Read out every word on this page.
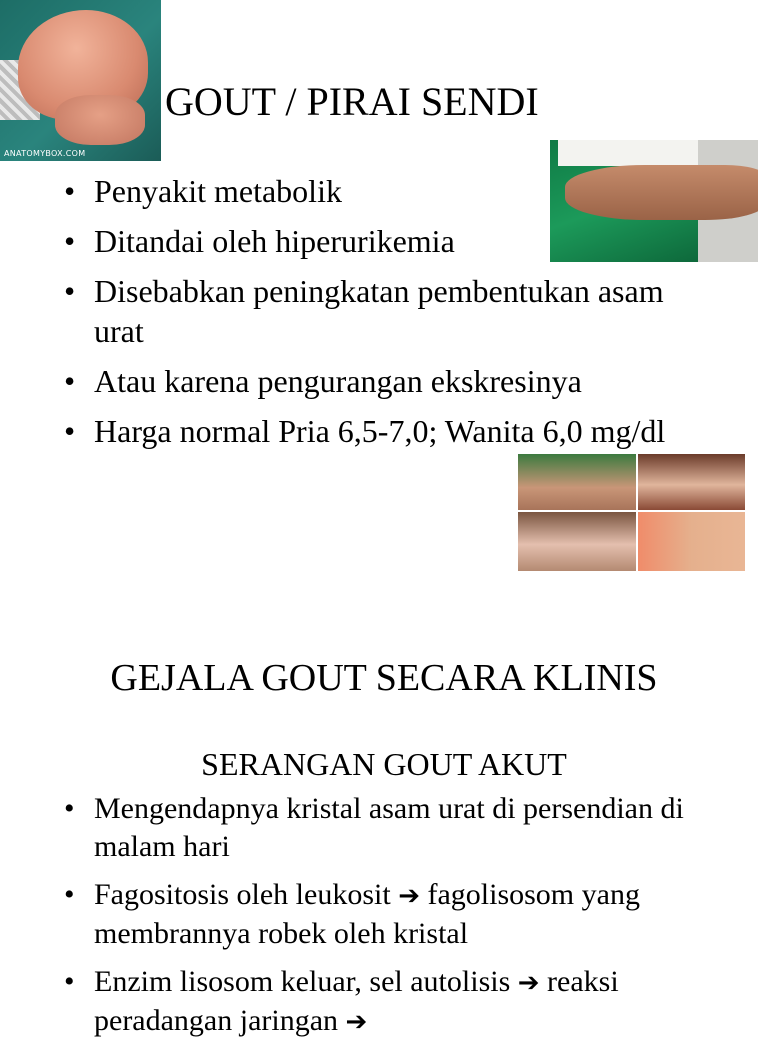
ANATOMYBOX.COM
GOUT / PIRAI SENDI
• Penyakit metabolik
• Ditandai oleh hiperurikemia
• Disebabkan peningkatan pembentukan asam urat
• Atau karena pengurangan ekskresinya
• Harga normal Pria 6,5-7,0; Wanita 6,0 mg/dl
GEJALA GOUT SECARA KLINIS
SERANGAN GOUT AKUT
• Mengendapnya kristal asam urat di persendian di malam hari
• Fagositosis oleh leukosit ➔ fagolisosom yang membrannya robek oleh kristal
• Enzim lisosom keluar, sel autolisis ➔ reaksi peradangan jaringan ➔
